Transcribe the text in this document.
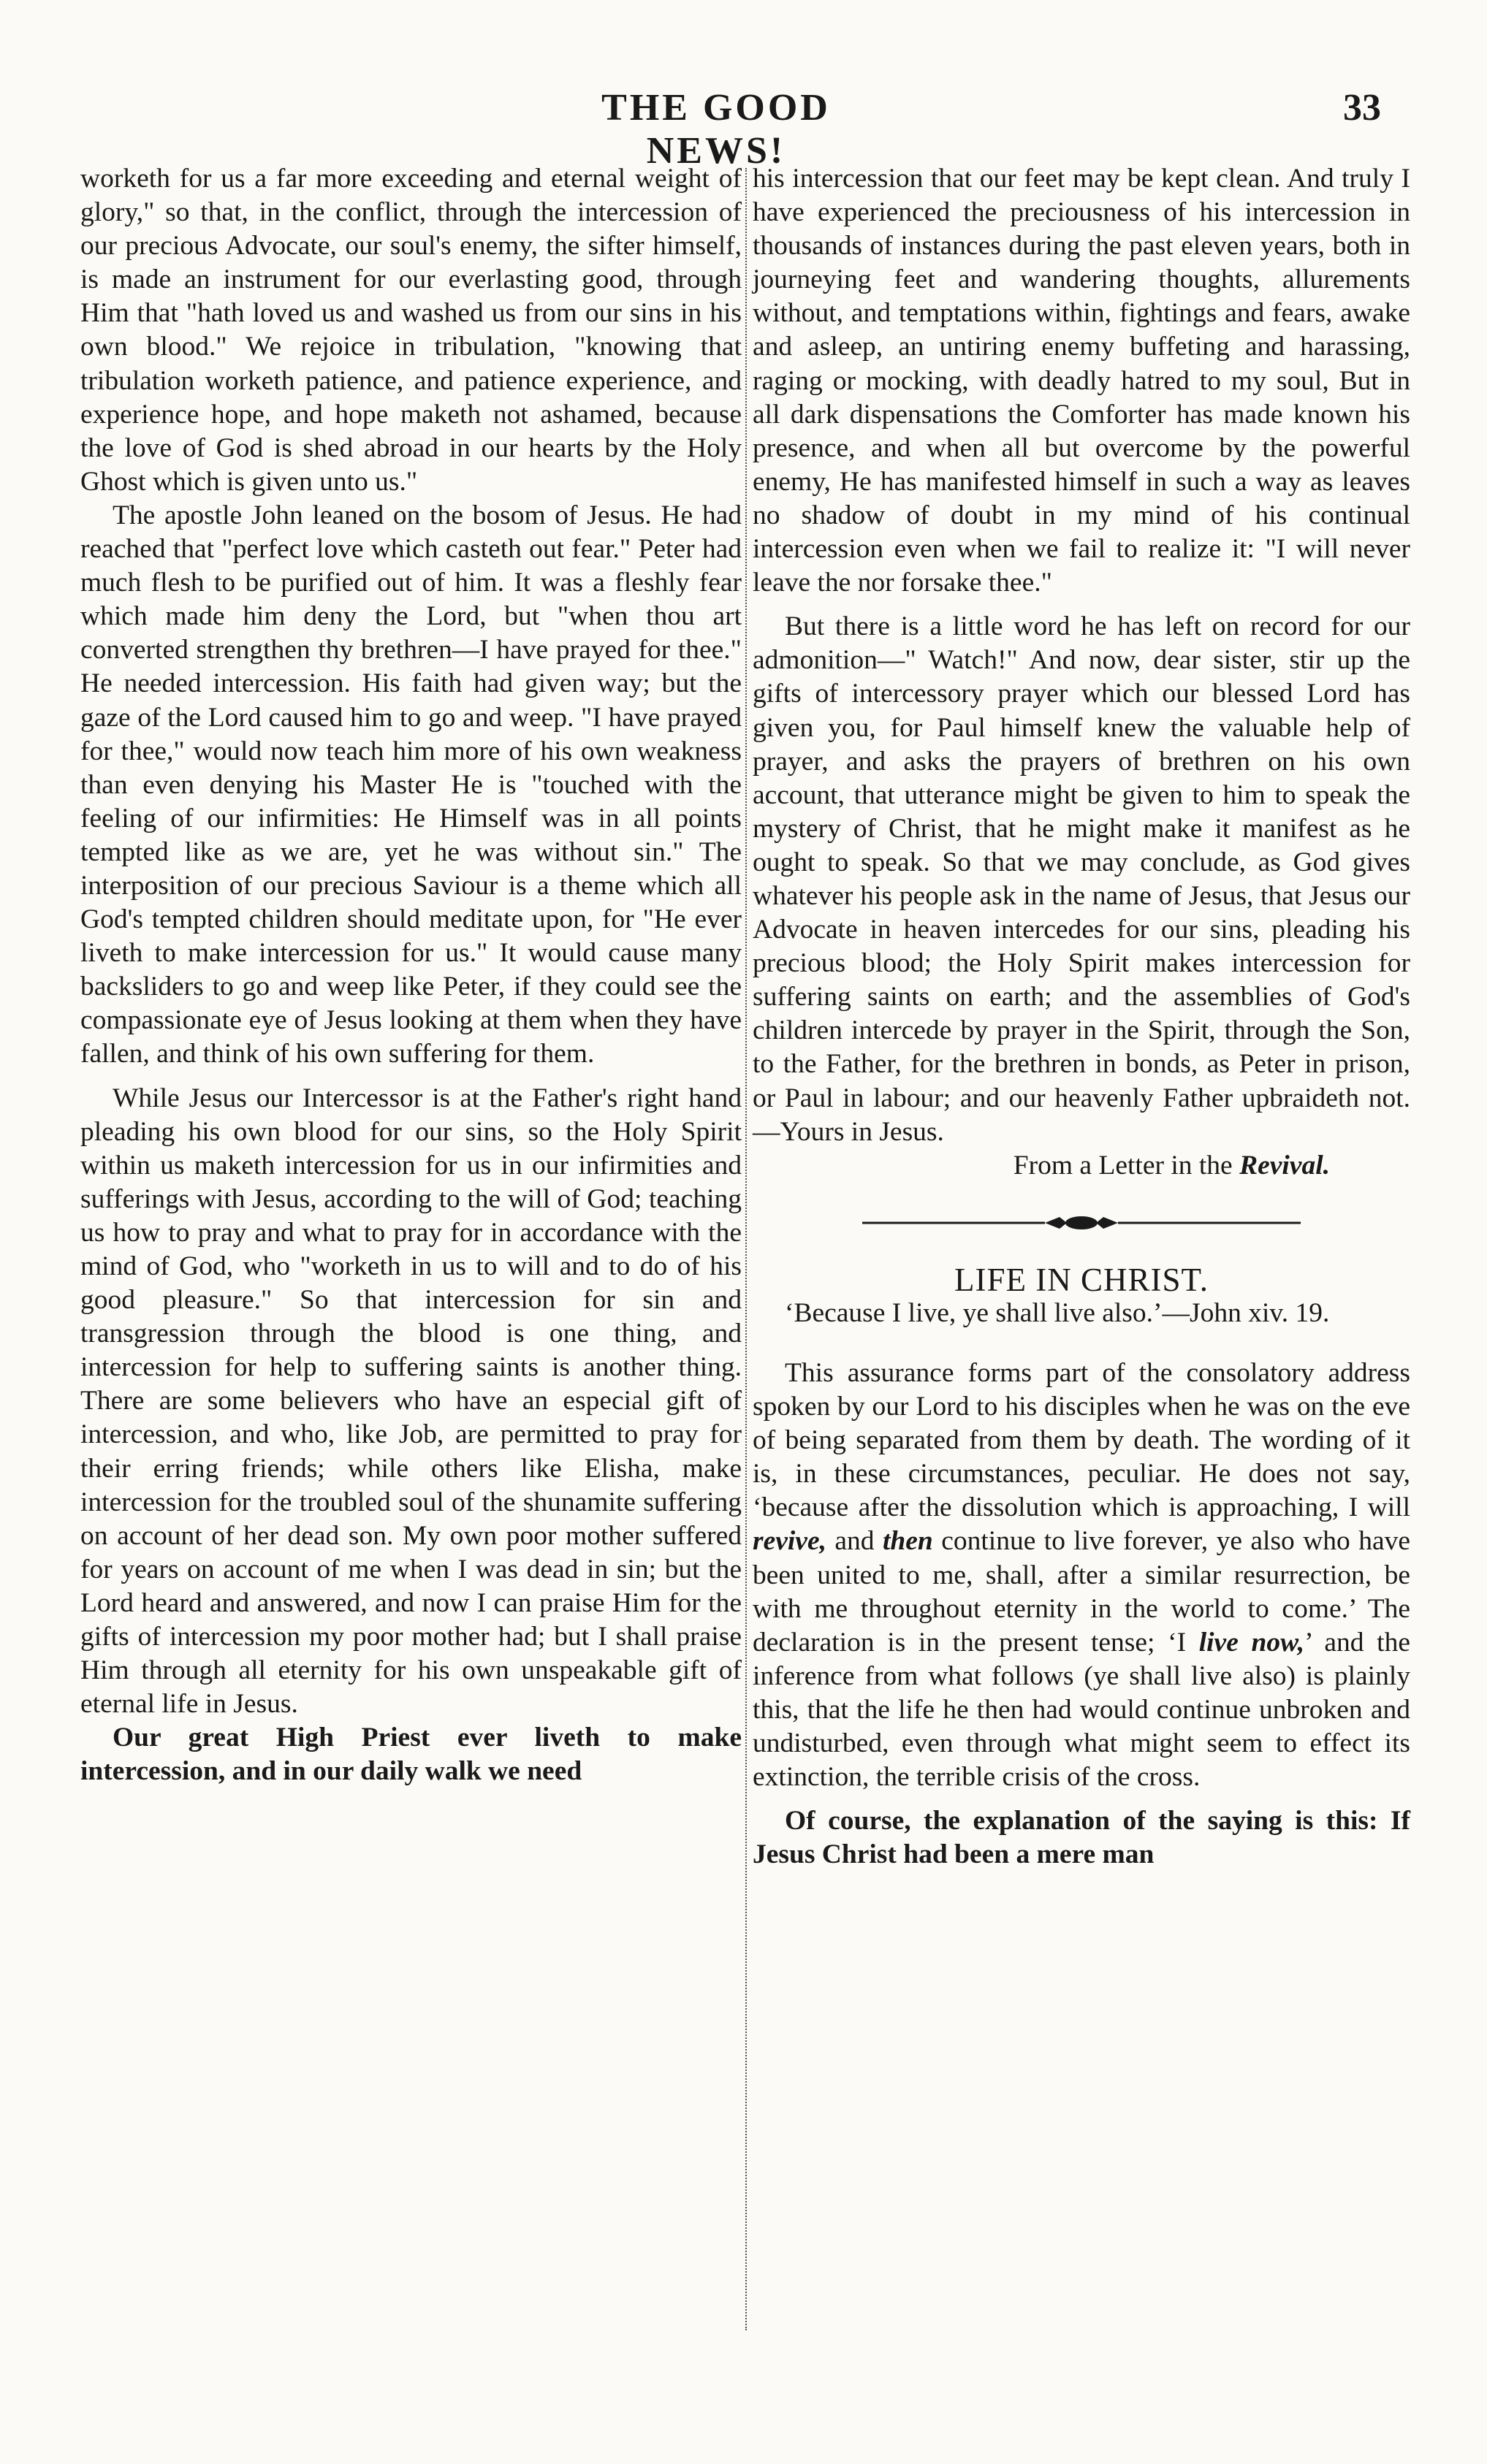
THE GOOD NEWS!
33

worketh for us a far more exceeding and eternal weight of glory," so that, in the conflict, through the intercession of our precious Advocate, our soul's enemy, the sifter himself, is made an instrument for our everlasting good, through Him that "hath loved us and washed us from our sins in his own blood." We rejoice in tribulation, "knowing that tribulation worketh patience, and patience experience, and experience hope, and hope maketh not ashamed, because the love of God is shed abroad in our hearts by the Holy Ghost which is given unto us."

The apostle John leaned on the bosom of Jesus. He had reached that "perfect love which casteth out fear." Peter had much flesh to be purified out of him. It was a fleshly fear which made him deny the Lord, but "when thou art converted strengthen thy brethren—I have prayed for thee." He needed intercession. His faith had given way; but the gaze of the Lord caused him to go and weep. "I have prayed for thee," would now teach him more of his own weakness than even denying his Master He is "touched with the feeling of our infirmities: He Himself was in all points tempted like as we are, yet he was without sin." The interposition of our precious Saviour is a theme which all God's tempted children should meditate upon, for "He ever liveth to make intercession for us." It would cause many backsliders to go and weep like Peter, if they could see the compassionate eye of Jesus looking at them when they have fallen, and think of his own suffering for them.

While Jesus our Intercessor is at the Father's right hand pleading his own blood for our sins, so the Holy Spirit within us maketh intercession for us in our infirmities and sufferings with Jesus, according to the will of God; teaching us how to pray and what to pray for in accordance with the mind of God, who "worketh in us to will and to do of his good pleasure." So that intercession for sin and transgression through the blood is one thing, and intercession for help to suffering saints is another thing. There are some believers who have an especial gift of intercession, and who, like Job, are permitted to pray for their erring friends; while others like Elisha, make intercession for the troubled soul of the shunamite suffering on account of her dead son. My own poor mother suffered for years on account of me when I was dead in sin; but the Lord heard and answered, and now I can praise Him for the gifts of intercession my poor mother had; but I shall praise Him through all eternity for his own unspeakable gift of eternal life in Jesus.

Our great High Priest ever liveth to make intercession, and in our daily walk we need

his intercession that our feet may be kept clean. And truly I have experienced the preciousness of his intercession in thousands of instances during the past eleven years, both in journeying feet and wandering thoughts, allurements without, and temptations within, fightings and fears, awake and asleep, an untiring enemy buffeting and harassing, raging or mocking, with deadly hatred to my soul, But in all dark dispensations the Comforter has made known his presence, and when all but overcome by the powerful enemy, He has manifested himself in such a way as leaves no shadow of doubt in my mind of his continual intercession even when we fail to realize it: "I will never leave the nor forsake thee."

But there is a little word he has left on record for our admonition—" Watch!" And now, dear sister, stir up the gifts of intercessory prayer which our blessed Lord has given you, for Paul himself knew the valuable help of prayer, and asks the prayers of brethren on his own account, that utterance might be given to him to speak the mystery of Christ, that he might make it manifest as he ought to speak. So that we may conclude, as God gives whatever his people ask in the name of Jesus, that Jesus our Advocate in heaven intercedes for our sins, pleading his precious blood; the Holy Spirit makes intercession for suffering saints on earth; and the assemblies of God's children intercede by prayer in the Spirit, through the Son, to the Father, for the brethren in bonds, as Peter in prison, or Paul in labour; and our heavenly Father upbraideth not.—Yours in Jesus.

From a Letter in the Revival.

LIFE IN CHRIST.

‘Because I live, ye shall live also.’—John xiv. 19.

This assurance forms part of the consolatory address spoken by our Lord to his disciples when he was on the eve of being separated from them by death. The wording of it is, in these circumstances, peculiar. He does not say, ‘because after the dissolution which is approaching, I will revive, and then continue to live forever, ye also who have been united to me, shall, after a similar resurrection, be with me throughout eternity in the world to come.’ The declaration is in the present tense; ‘I live now,’ and the inference from what follows (ye shall live also) is plainly this, that the life he then had would continue unbroken and undisturbed, even through what might seem to effect its extinction, the terrible crisis of the cross.

Of course, the explanation of the saying is this: If Jesus Christ had been a mere man
